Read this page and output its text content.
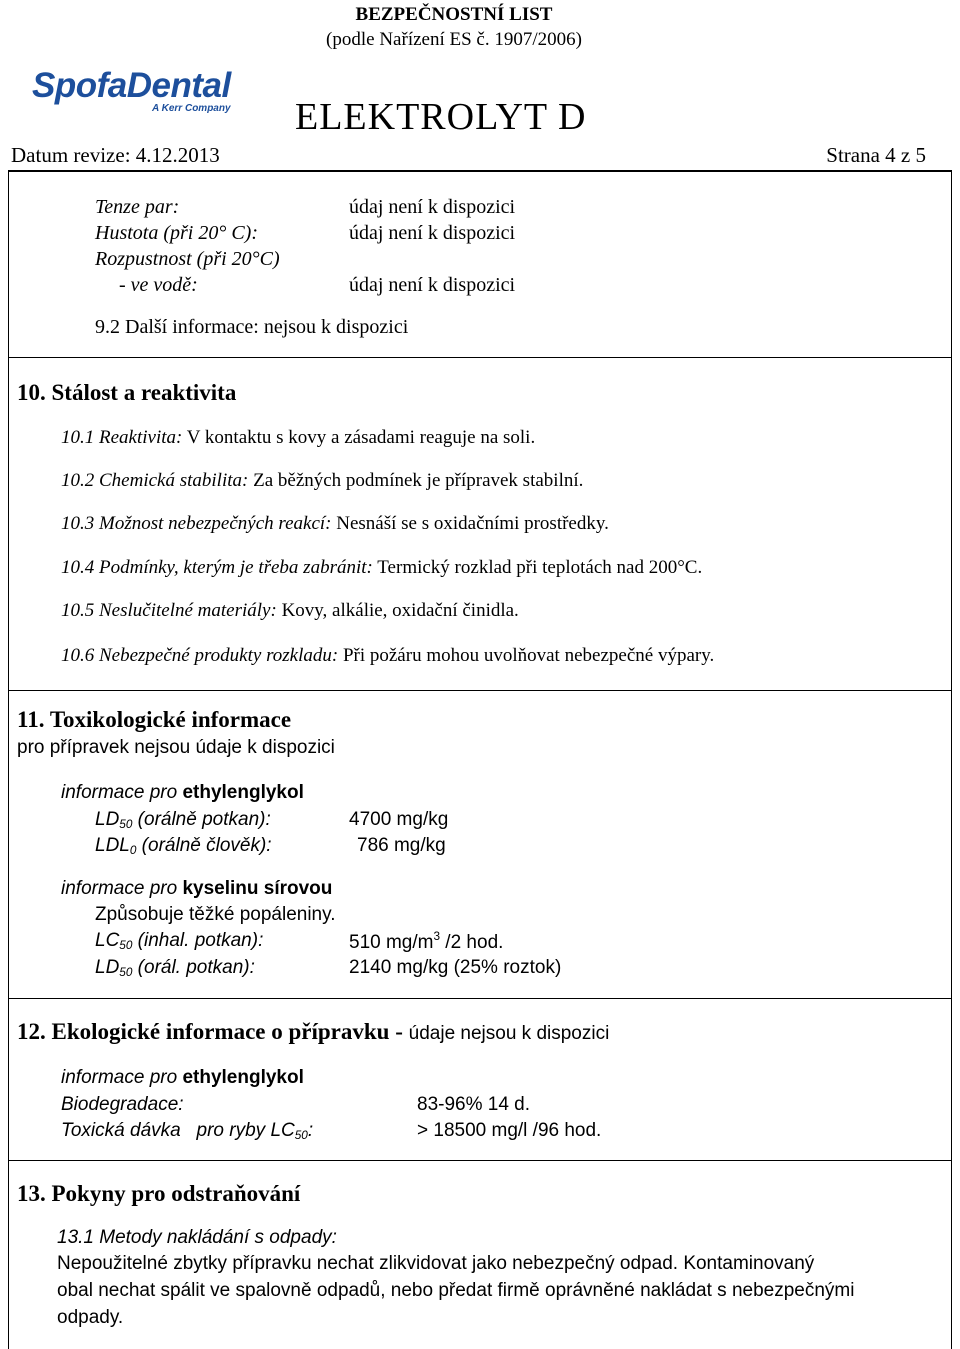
BEZPEČNOSTNÍ LIST
(podle Nařízení ES č. 1907/2006)
SpofaDental
A Kerr Company ELEKTROLYT D
Datum revize: 4.12.2013	Strana 4 z 5
Tenze par:	údaj není k dispozici
Hustota (při 20° C):	údaj není k dispozici
Rozpustnost (při 20°C)
- ve vodě:	údaj není k dispozici
9.2 Další informace: nejsou k dispozici
10. Stálost a reaktivita
10.1 Reaktivita: V kontaktu s kovy a zásadami reaguje na soli.
10.2 Chemická stabilita: Za běžných podmínek je přípravek stabilní.
10.3 Možnost nebezpečných reakcí: Nesnáší se s oxidačními prostředky.
10.4 Podmínky, kterým je třeba zabránit: Termický rozklad při teplotách nad 200°C.
10.5 Neslučitelné materiály: Kovy, alkálie, oxidační činidla.
10.6 Nebezpečné produkty rozkladu: Při požáru mohou uvolňovat nebezpečné výpary.
11. Toxikologické informace
pro přípravek nejsou údaje k dispozici
informace pro ethylenglykol
$LD_{50}$ (orálně potkan):	4700 mg/kg
$LDL_0$ (orálně člověk):	786 mg/kg
informace pro kyselinu sírovou
Způsobuje těžké popáleniny.
$LC_{50}$ (inhal. potkan):	510 $mg/m^3$ /2 hod.
$LD_{50}$ (orál. potkan):	2140 mg/kg (25% roztok)
12. Ekologické informace o přípravku - údaje nejsou k dispozici
informace pro ethylenglykol
Biodegradace:	83-96% 14 d.
Toxická dávka   pro ryby $LC_{50}$:	> 18500 mg/l /96 hod.
13. Pokyny pro odstraňování
13.1 Metody nakládání s odpady:
Nepoužitelné zbytky přípravku nechat zlikvidovat jako nebezpečný odpad. Kontaminovaný
obal nechat spálit ve spalovně odpadů, nebo předat firmě oprávněné nakládat s nebezpečnými
odpady.
